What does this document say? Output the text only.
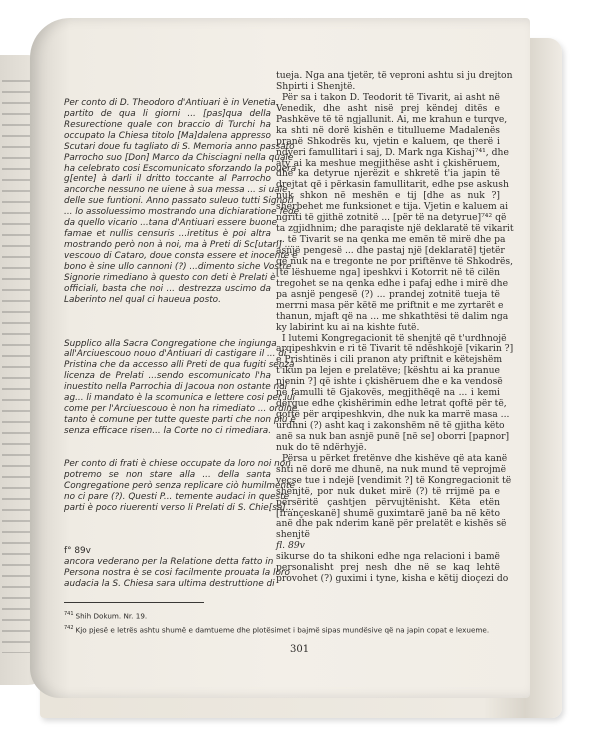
Per conto di D. Theodoro d'Antiuari è in Venetia
partito de qua li giorni ... [pas]qua della
Resurectione quale con braccio di Turchi ha
occupato la Chiesa titolo [Ma]dalena appresso
Scutari doue fu tagliato di S. Memoria anno passato
Parrocho suo [Don] Marco da Chisciagni nella quale
ha celebrato cosi Escomunicato sforzando la pouera
g[ente] à darli il dritto toccante al Parrocho
ancorche nessuno ne uiene à sua messa ... si uale
delle sue funtioni. Anno passato suleuo tutti Signori
... lo assoluessimo mostrando una dichiaratione fede
da quello vicario ...tana d'Antiuari essere buone
famae et nullis censuris ...iretitus è poi altra
mostrando però non à noi, ma à Preti di Sc[utari] ...
vescouo di Cataro, doue consta essere et inocente è
bono è sine ullo cannoni (?) ...dimento siche Vostre
Signorie rimediano à questo con deti è Prelati è
officiali, basta che noi ... destrezza uscimo da
Laberinto nel qual ci haueua posto.
Supplico alla Sacra Congregatione che ingiunga
all'Arciuescouo nouo d'Antiuari di castigare il ... di
Pristina che da accesso alli Preti de qua fugiti senza
licenza de Prelati ...sendo escomunicato l'ha
inuestito nella Parrochia di Jacoua non ostante noi
ag... li mandato è la scomunica e lettere cosi per lui
come per l'Arciuescouo è non ha rimediato ... ordine
tanto è comune per tutte queste parti che non piu è
senza efficace risen... la Corte no ci rimediara.
Per conto di frati è chiese occupate da loro noi non
potremo se non stare alla ... della santa
Congregatione però senza replicare ciò humilmente
no ci pare (?). Questi P... temente audaci in queste
parti è poco riuerenti verso li Prelati di S. Chie[sa]...
f° 89v
ancora vederano per la Relatione detta fatto in
Persona nostra è se cosi facilmente prouata la loro
audacia la S. Chiesa sara ultima destruttione di
tueja. Nga ana tjetër, të veproni ashtu si ju drejton
Shpirti i Shenjtë.
Për sa i takon D. Teodorit të Tivarit, ai asht në
Venedik, dhe asht nisë prej këndej ditës e
Pashkëve të të ngjallunit. Ai, me krahun e turqve,
ka shti në dorë kishën e titullueme Madalenës
pranë Shkodrës ku, vjetin e kaluem, qe therë i
ndyeri famullitari i saj, D. Mark nga Kishaj⁷⁴¹, dhe
aty ai ka meshue megjithëse asht i çkishëruem,
dhe ka detyrue njerëzit e shkretë t'ia japin të
drejtat që i përkasin famullitarit, edhe pse askush
nuk shkon në meshën e tij [dhe as nuk ?]
shërbehet me funksionet e tija. Vjetin e kaluem ai
ngriti të gjithë zotnitë ... [për të na detyrue]⁷⁴² që
ta zgjidhnim; dhe paraqiste një deklaratë të vikarit
... të Tivarit se na qenka me emën të mirë dhe pa
asnjë pengesë ... dhe pastaj një [deklaratë] tjetër
që nuk na e tregonte ne por priftënve të Shkodrës,
[të lëshueme nga] ipeshkvi i Kotorrit në të cilën
tregohet se na qenka edhe i pafaj edhe i mirë dhe
pa asnjë pengesë (?) ... prandej zotnitë tueja të
merrni masa për këtë me priftnit e me zyrtarët e
thanun, mjaft që na ... me shkathtësi të dalim nga
ky labirint ku ai na kishte futë.
I lutemi Kongregacionit të shenjtë që t'urdhnojë
arqipeshkvin e ri të Tivarit të ndëshkojë [vikarin ?]
e Prishtinës i cili pranon aty priftnit e këtejshëm
t'ikun pa lejen e prelatëve; [kështu ai ka pranue
njenin ?] që ishte i çkishëruem dhe e ka vendosë
në famulli të Gjakovës, megjithëqë na ... i kemi
dërgue edhe çkishërimin edhe letrat qoftë për të,
qoftë për arqipeshkvin, dhe nuk ka marrë masa ...
urdhni (?) asht kaq i zakonshëm në të gjitha këto
anë sa nuk ban asnjë punë [në se] oborri [papnor]
nuk do të ndërhyjë.
Përsa u përket fretënve dhe kishëve që ata kanë
shti në dorë me dhunë, na nuk mund të veprojmë
veçse tue i ndejë [vendimit ?] të Kongregacionit të
shenjtë, por nuk duket mirë (?) të rrijmë pa e
përsëritë çashtjen përvujtënisht. Këta etën
[françeskanë] shumë guximtarë janë ba në këto
anë dhe pak nderim kanë për prelatët e kishës së
shenjtë
fl. 89v
sikurse do ta shikoni edhe nga relacioni i bamë
personalisht prej nesh dhe në se kaq lehtë
provohet (?) guximi i tyne, kisha e këtij dioçezi do
$^{741}$ Shih Dokum. Nr. 19.
$^{742}$ Kjo pjesë e letrës ashtu shumë e damtueme dhe plotësimet i bajmë sipas mundësive që na japin copat e lexueme.
301
